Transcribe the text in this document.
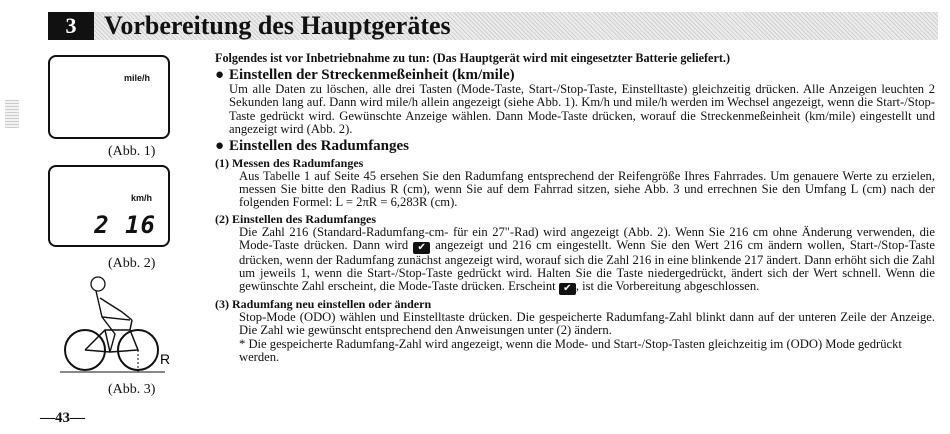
3	Vorbereitung des Hauptgerätes
mile/h
(Abb. 1)
km/h
2 16
(Abb. 2)
R
(Abb. 3)
—43—

Folgendes ist vor Inbetriebnahme zu tun: (Das Hauptgerät wird mit eingesetzter Batterie geliefert.)

● Einstellen der Streckenmeßeinheit (km/mile)

Um alle Daten zu löschen, alle drei Tasten (Mode-Taste, Start-/Stop-Taste, Einstelltaste) gleichzeitig drücken. Alle Anzeigen leuchten 2 Sekunden lang auf. Dann wird mile/h allein angezeigt (siehe Abb. 1). Km/h und mile/h werden im Wechsel angezeigt, wenn die Start-/Stop-Taste gedrückt wird. Gewünschte Anzeige wählen. Dann Mode-Taste drücken, worauf die Streckenmeßeinheit (km/mile) eingestellt und angezeigt wird (Abb. 2).

● Einstellen des Radumfanges

(1) Messen des Radumfanges

Aus Tabelle 1 auf Seite 45 ersehen Sie den Radumfang entsprechend der Reifengröße Ihres Fahrrades. Um genauere Werte zu erzielen, messen Sie bitte den Radius R (cm), wenn Sie auf dem Fahrrad sitzen, siehe Abb. 3 und errechnen Sie den Umfang L (cm) nach der folgenden Formel: L = 2πR = 6,283R (cm).

(2) Einstellen des Radumfanges

Die Zahl 216 (Standard-Radumfang-cm- für ein 27"-Rad) wird angezeigt (Abb. 2). Wenn Sie 216 cm ohne Änderung verwenden, die Mode-Taste drücken. Dann wird ✔ angezeigt und 216 cm eingestellt. Wenn Sie den Wert 216 cm ändern wollen, Start-/Stop-Taste drücken, wenn der Radumfang zunächst angezeigt wird, worauf sich die Zahl 216 in eine blinkende 217 ändert. Dann erhöht sich die Zahl um jeweils 1, wenn die Start-/Stop-Taste gedrückt wird. Halten Sie die Taste niedergedrückt, ändert sich der Wert schnell. Wenn die gewünschte Zahl erscheint, die Mode-Taste drücken. Erscheint ✔ , ist die Vorbereitung abgeschlossen.

(3) Radumfang neu einstellen oder ändern

Stop-Modе (ODO) wählen und Einstelltaste drücken. Die gespeicherte Radumfang-Zahl blinkt dann auf der unteren Zeile der Anzeige. Die Zahl wie gewünscht entsprechend den Anweisungen unter (2) ändern.

* Die gespeicherte Radumfang-Zahl wird angezeigt, wenn die Mode- und Start-/Stop-Tasten gleichzeitig im (ODO) Mode gedrückt werden.
